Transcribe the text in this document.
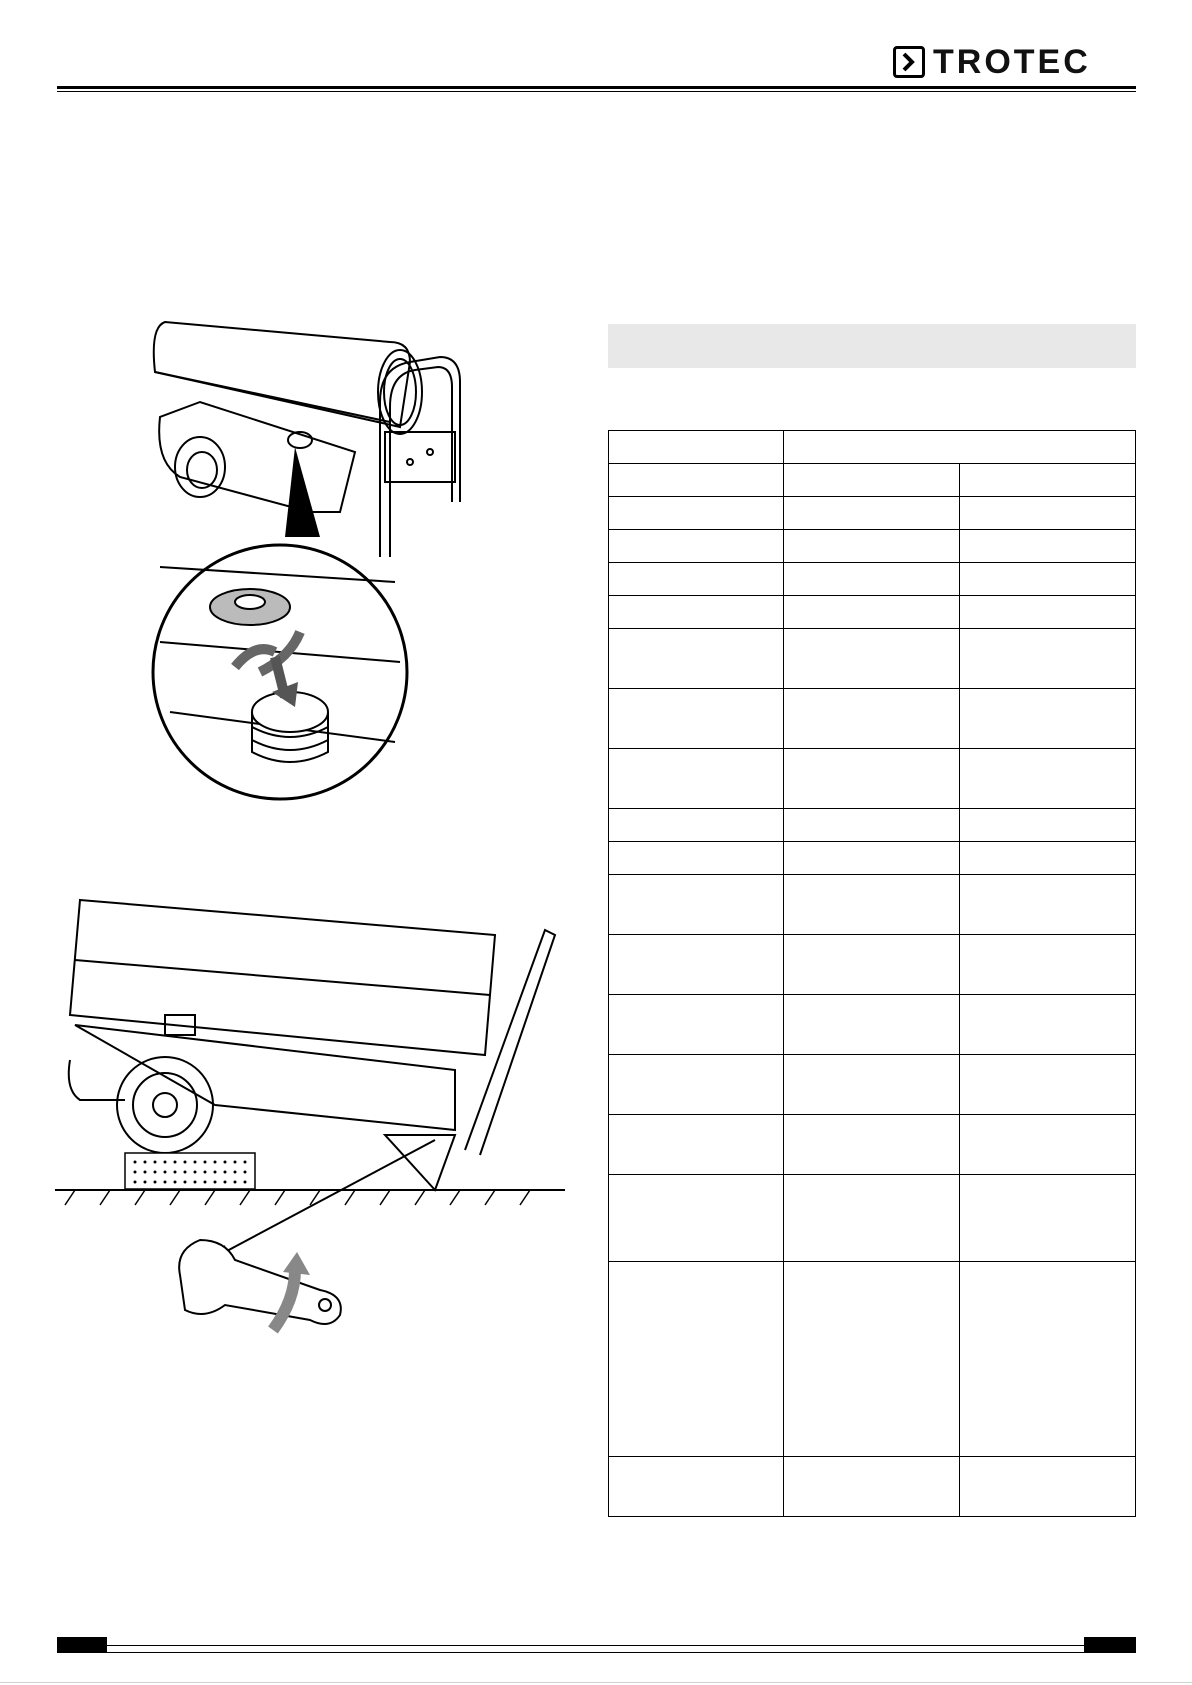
TROTEC
